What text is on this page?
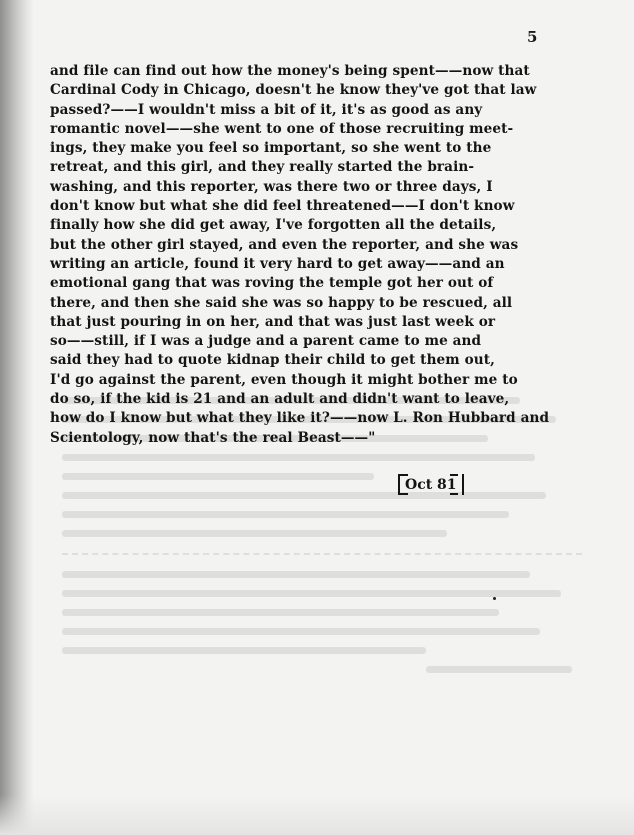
5

and file can find out how the money's being spent——now that
Cardinal Cody in Chicago, doesn't he know they've got that law
passed?——I wouldn't miss a bit of it, it's as good as any
romantic novel——she went to one of those recruiting meet-
ings, they make you feel so important, so she went to the
retreat, and this girl, and they really started the brain-
washing, and this reporter, was there two or three days, I
don't know but what she did feel threatened——I don't know
finally how she did get away, I've forgotten all the details,
but the other girl stayed, and even the reporter, and she was
writing an article, found it very hard to get away——and an
emotional gang that was roving the temple got her out of
there, and then she said she was so happy to be rescued, all
that just pouring in on her, and that was just last week or
so——still, if I was a judge and a parent came to me and
said they had to quote kidnap their child to get them out,
I'd go against the parent, even though it might bother me to
do so, if the kid is 21 and an adult and didn't want to leave,
how do I know but what they like it?——now L. Ron Hubbard and
Scientology, now that's the real Beast——"

Oct 81
